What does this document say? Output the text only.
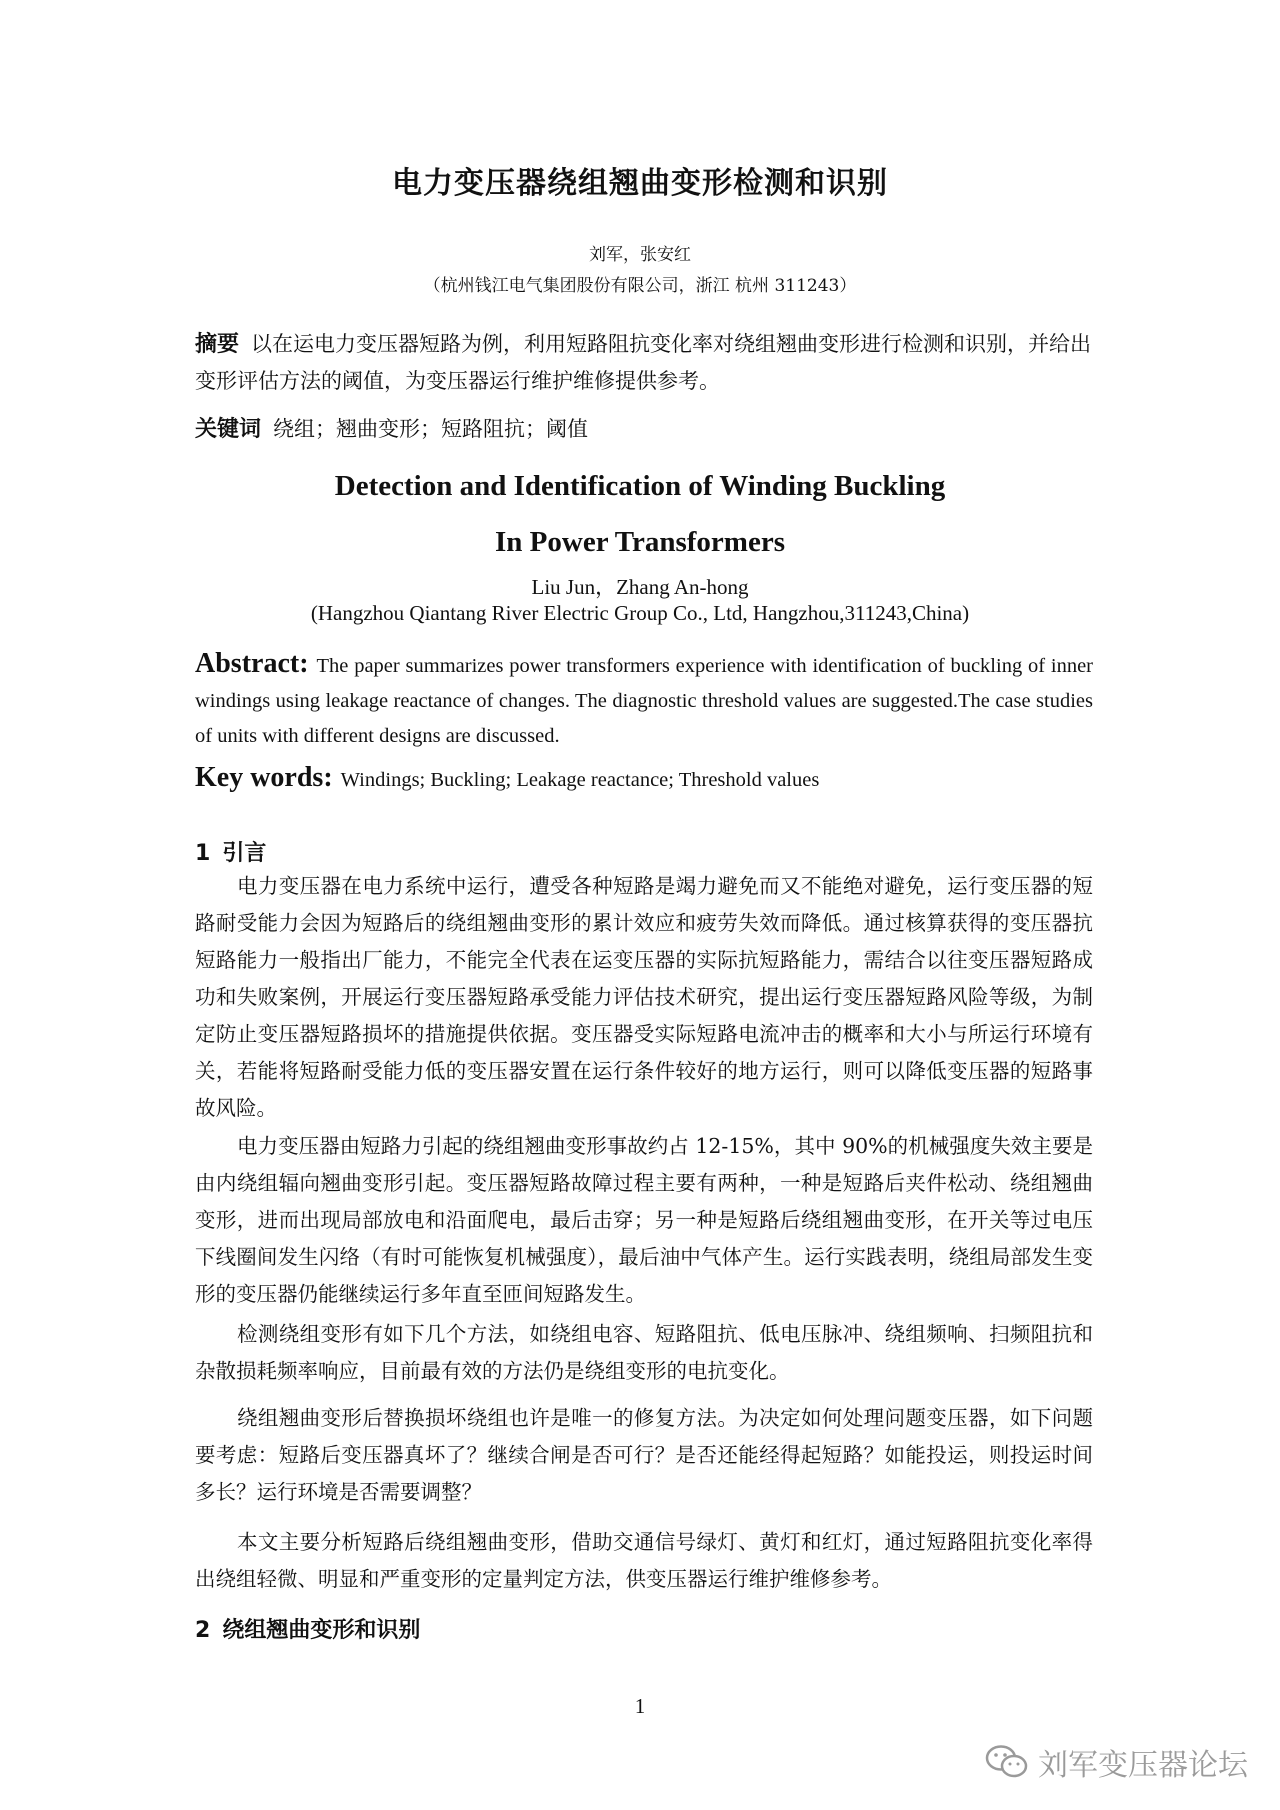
电力变压器绕组翘曲变形检测和识别
刘军，张安红
（杭州钱江电气集团股份有限公司，浙江 杭州 311243）
摘要 以在运电力变压器短路为例，利用短路阻抗变化率对绕组翘曲变形进行检测和识别，并给出变形评估方法的阈值，为变压器运行维护维修提供参考。
关键词 绕组；翘曲变形；短路阻抗；阈值
Detection and Identification of Winding Buckling
In Power Transformers
Liu Jun，Zhang An-hong
(Hangzhou Qiantang River Electric Group Co., Ltd, Hangzhou,311243,China)
Abstract: The paper summarizes power transformers experience with identification of buckling of inner windings using leakage reactance of changes. The diagnostic threshold values are suggested.The case studies of units with different designs are discussed.
Key words: Windings; Buckling; Leakage reactance; Threshold values
1 引言
电力变压器在电力系统中运行，遭受各种短路是竭力避免而又不能绝对避免，运行变压器的短路耐受能力会因为短路后的绕组翘曲变形的累计效应和疲劳失效而降低。通过核算获得的变压器抗短路能力一般指出厂能力，不能完全代表在运变压器的实际抗短路能力，需结合以往变压器短路成功和失败案例，开展运行变压器短路承受能力评估技术研究，提出运行变压器短路风险等级，为制定防止变压器短路损坏的措施提供依据。变压器受实际短路电流冲击的概率和大小与所运行环境有关，若能将短路耐受能力低的变压器安置在运行条件较好的地方运行，则可以降低变压器的短路事故风险。
电力变压器由短路力引起的绕组翘曲变形事故约占 12-15%，其中 90%的机械强度失效主要是由内绕组辐向翘曲变形引起。变压器短路故障过程主要有两种，一种是短路后夹件松动、绕组翘曲变形，进而出现局部放电和沿面爬电，最后击穿；另一种是短路后绕组翘曲变形，在开关等过电压下线圈间发生闪络（有时可能恢复机械强度），最后油中气体产生。运行实践表明，绕组局部发生变形的变压器仍能继续运行多年直至匝间短路发生。
检测绕组变形有如下几个方法，如绕组电容、短路阻抗、低电压脉冲、绕组频响、扫频阻抗和杂散损耗频率响应，目前最有效的方法仍是绕组变形的电抗变化。
绕组翘曲变形后替换损坏绕组也许是唯一的修复方法。为决定如何处理问题变压器，如下问题要考虑：短路后变压器真坏了？继续合闸是否可行？是否还能经得起短路？如能投运，则投运时间多长？运行环境是否需要调整？
本文主要分析短路后绕组翘曲变形，借助交通信号绿灯、黄灯和红灯，通过短路阻抗变化率得出绕组轻微、明显和严重变形的定量判定方法，供变压器运行维护维修参考。
2 绕组翘曲变形和识别
1
刘军变压器论坛
